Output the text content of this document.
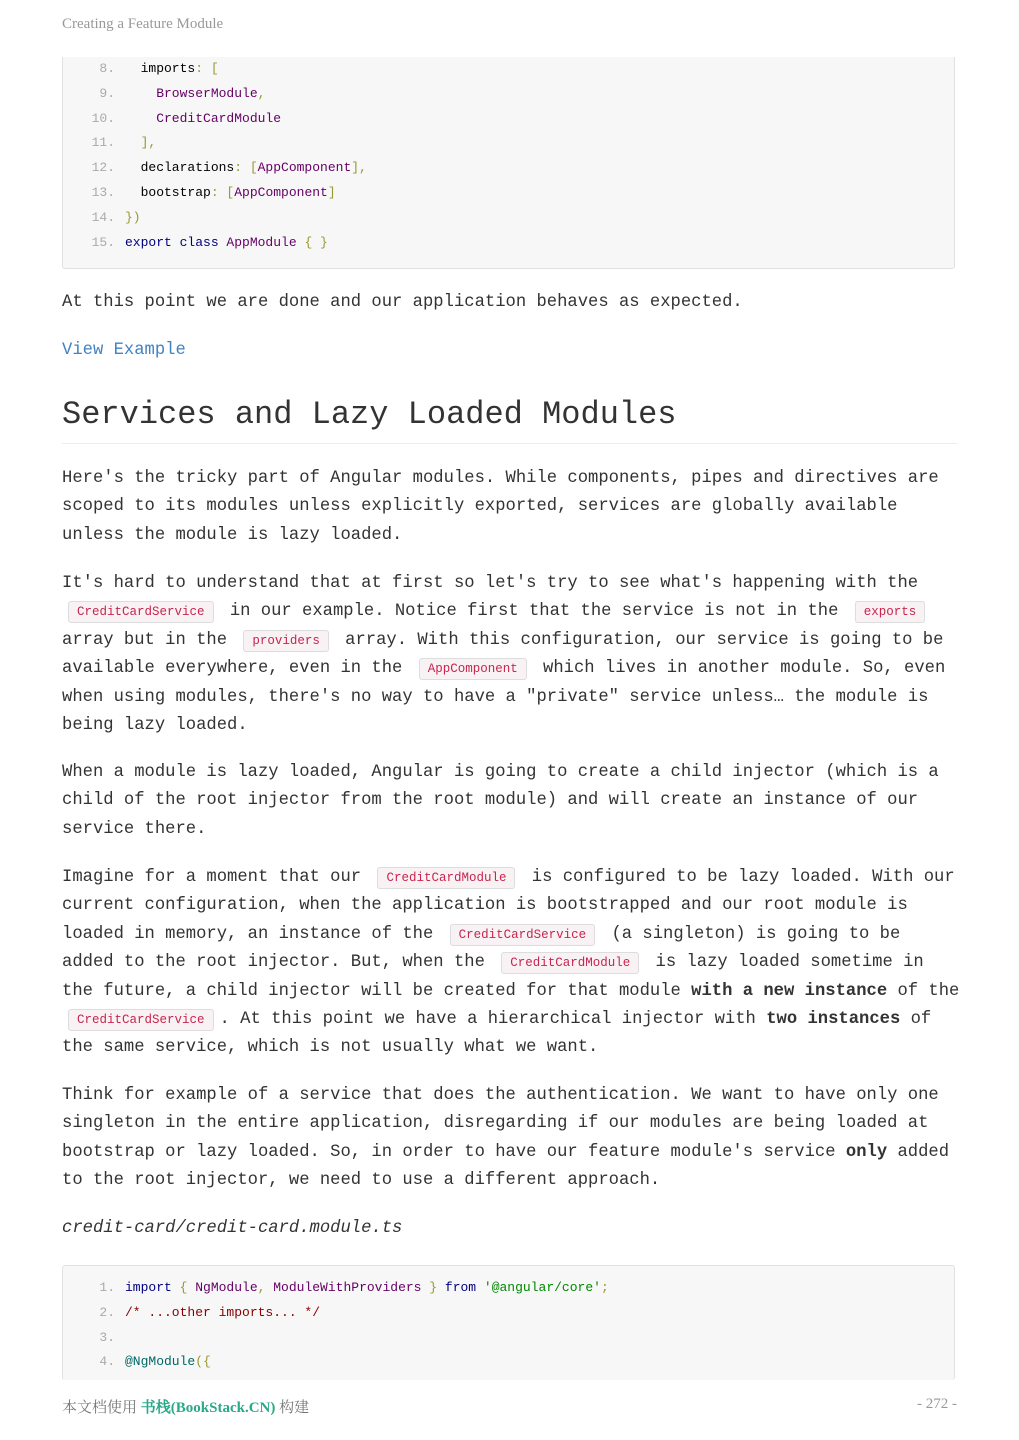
Creating a Feature Module
8.  imports: [
9.    BrowserModule,
10.    CreditCardModule
11.  ],
12.  declarations: [AppComponent],
13.  bootstrap: [AppComponent]
14. })
15. export class AppModule { }
At this point we are done and our application behaves as expected.
View Example
Services and Lazy Loaded Modules
Here's the tricky part of Angular modules. While components, pipes and directives are scoped to its modules unless explicitly exported, services are globally available unless the module is lazy loaded.
It's hard to understand that at first so let's try to see what's happening with the CreditCardService in our example. Notice first that the service is not in the exports array but in the providers array. With this configuration, our service is going to be available everywhere, even in the AppComponent which lives in another module. So, even when using modules, there's no way to have a "private" service unless… the module is being lazy loaded.
When a module is lazy loaded, Angular is going to create a child injector (which is a child of the root injector from the root module) and will create an instance of our service there.
Imagine for a moment that our CreditCardModule is configured to be lazy loaded. With our current configuration, when the application is bootstrapped and our root module is loaded in memory, an instance of the CreditCardService (a singleton) is going to be added to the root injector. But, when the CreditCardModule is lazy loaded sometime in the future, a child injector will be created for that module with a new instance of the CreditCardService . At this point we have a hierarchical injector with two instances of the same service, which is not usually what we want.
Think for example of a service that does the authentication. We want to have only one singleton in the entire application, disregarding if our modules are being loaded at bootstrap or lazy loaded. So, in order to have our feature module's service only added to the root injector, we need to use a different approach.
credit-card/credit-card.module.ts
1. import { NgModule, ModuleWithProviders } from '@angular/core';
2. /* ...other imports... */
3.
4. @NgModule({
本文档使用 书栈(BookStack.CN) 构建	- 272 -
